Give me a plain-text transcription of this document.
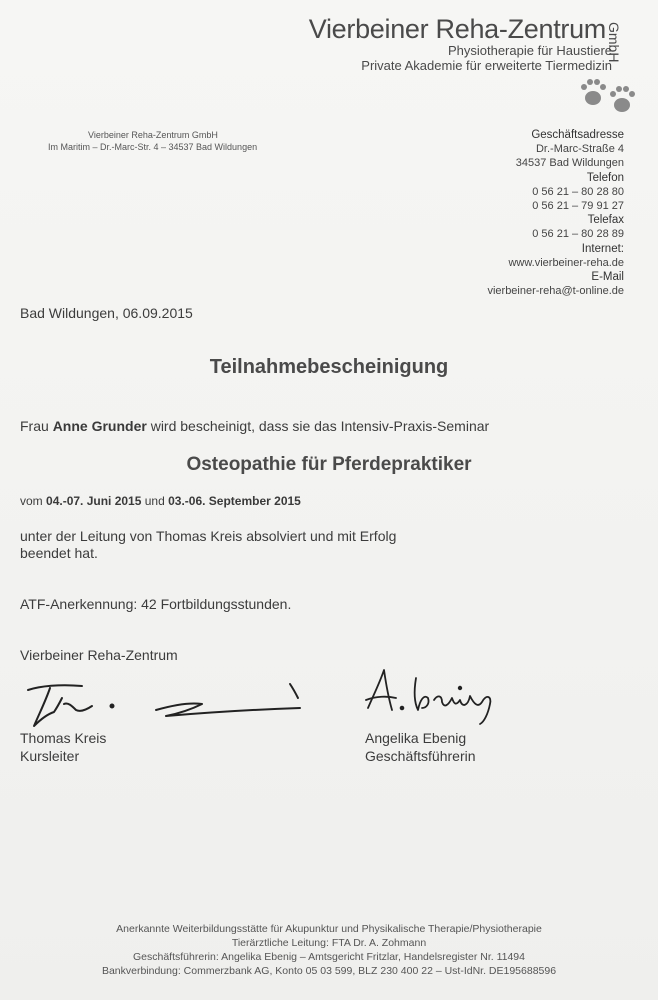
Vierbeiner Reha-Zentrum GmbH
Physiotherapie für Haustiere
Private Akademie für erweiterte Tiermedizin
Vierbeiner Reha-Zentrum GmbH
Im Maritim – Dr.-Marc-Str. 4 – 34537 Bad Wildungen
Geschäftsadresse
Dr.-Marc-Straße 4
34537 Bad Wildungen
Telefon
0 56 21 – 80 28 80
0 56 21 – 79 91 27
Telefax
0 56 21 – 80 28 89
Internet:
www.vierbeiner-reha.de
E-Mail
vierbeiner-reha@t-online.de
Bad Wildungen, 06.09.2015
Teilnahmebescheinigung
Frau Anne Grunder wird bescheinigt, dass sie das Intensiv-Praxis-Seminar
Osteopathie für Pferdepraktiker
vom 04.-07. Juni 2015 und 03.-06. September 2015
unter der Leitung von Thomas Kreis absolviert und mit Erfolg
beendet hat.
ATF-Anerkennung: 42 Fortbildungsstunden.
Vierbeiner Reha-Zentrum
Thomas Kreis
Kursleiter
Angelika Ebenig
Geschäftsführerin
Anerkannte Weiterbildungsstätte für Akupunktur und Physikalische Therapie/Physiotherapie
Tierärztliche Leitung: FTA Dr. A. Zohmann
Geschäftsführerin: Angelika Ebenig – Amtsgericht Fritzlar, Handelsregister Nr. 11494
Bankverbindung: Commerzbank AG, Konto 05 03 599, BLZ 230 400 22 – Ust-IdNr. DE195688596
